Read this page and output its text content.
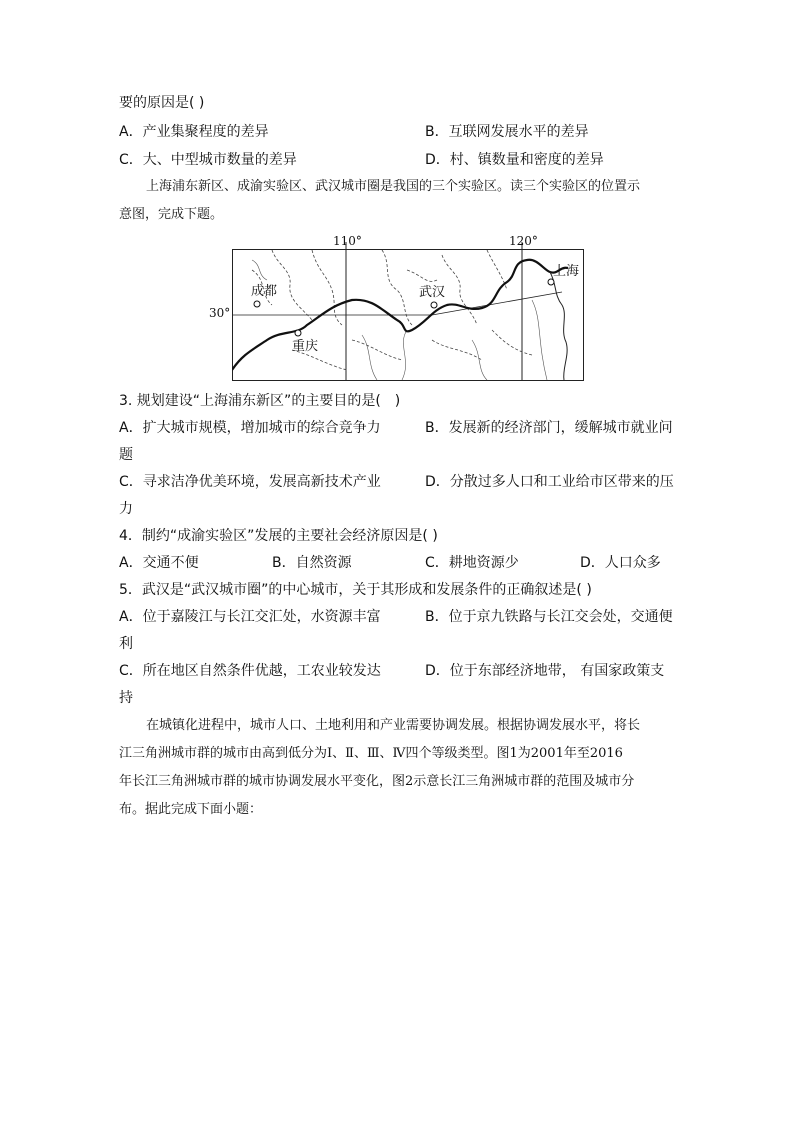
要的原因是( )
A．产业集聚程度的差异	B．互联网发展水平的差异
C．大、中型城市数量的差异	D．村、镇数量和密度的差异
上海浦东新区、成渝实验区、武汉城市圈是我国的三个实验区。读三个实验区的位置示
意图，完成下题。
110°	120°
成都	武汉
上海
重庆
30°
3. 规划建设“上海浦东新区”的主要目的是(　)
A．扩大城市规模，增加城市的综合竞争力	B．发展新的经济部门，缓解城市就业问
题
C．寻求洁净优美环境，发展高新技术产业	D．分散过多人口和工业给市区带来的压
力
4．制约“成渝实验区”发展的主要社会经济原因是( )
A．交通不便	B．自然资源	C．耕地资源少	D．人口众多
5．武汉是“武汉城市圈”的中心城市，关于其形成和发展条件的正确叙述是( )
A．位于嘉陵江与长江交汇处，水资源丰富	B．位于京九铁路与长江交会处，交通便
利
C．所在地区自然条件优越，工农业较发达	D．位于东部经济地带， 有国家政策支
持
在城镇化进程中，城市人口、土地利用和产业需要协调发展。根据协调发展水平，将长
江三角洲城市群的城市由高到低分为Ⅰ、Ⅱ、Ⅲ、Ⅳ四个等级类型。图1为2001年至2016
年长江三角洲城市群的城市协调发展水平变化，图2示意长江三角洲城市群的范围及城市分
布。据此完成下面小题：
